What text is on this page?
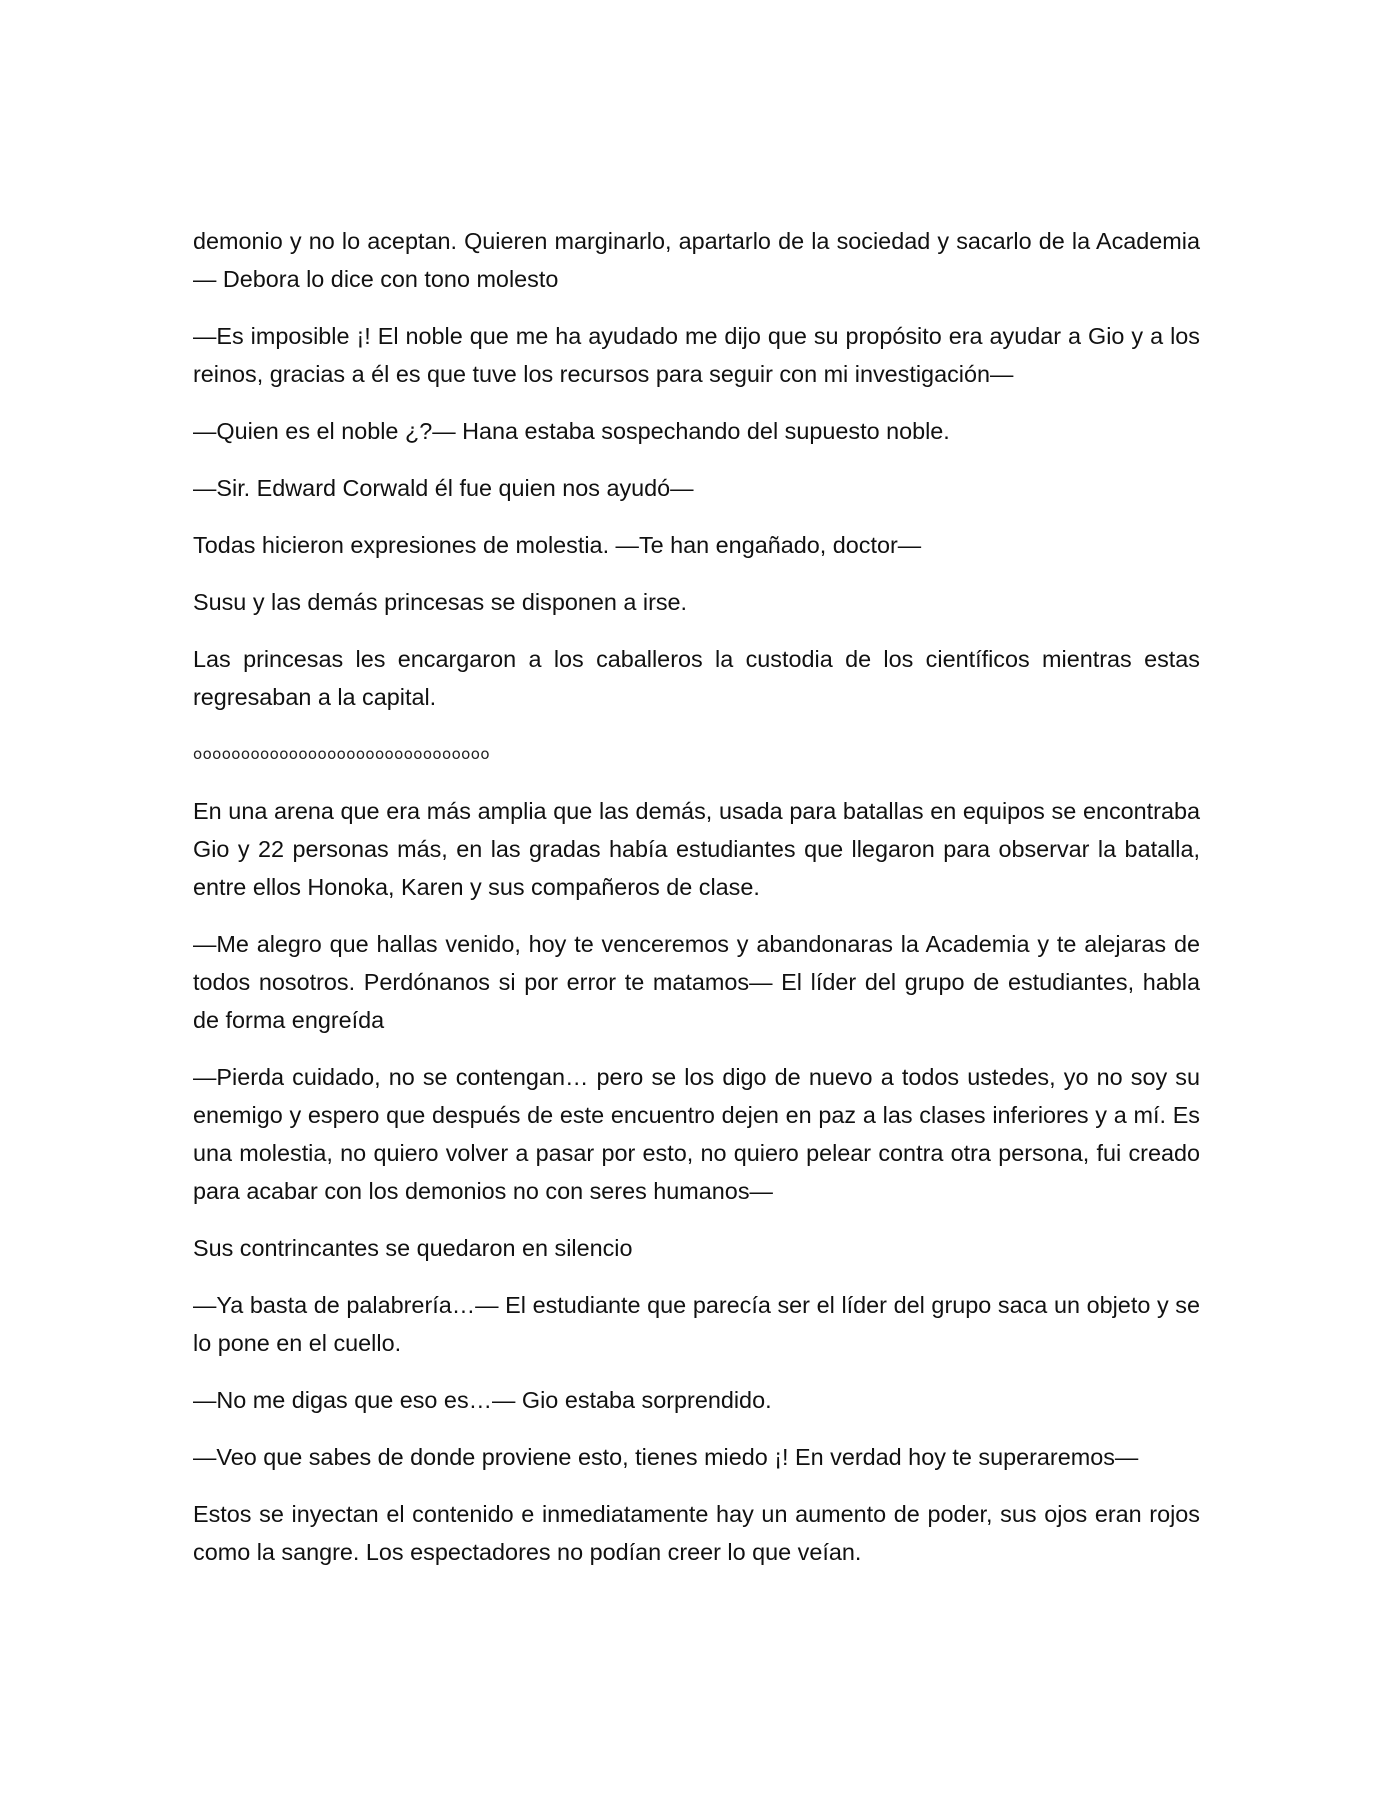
demonio y no lo aceptan. Quieren marginarlo, apartarlo de la sociedad y sacarlo de la Academia— Debora lo dice con tono molesto

—Es imposible ¡! El noble que me ha ayudado me dijo que su propósito era ayudar a Gio y a los reinos, gracias a él es que tuve los recursos para seguir con mi investigación—

—Quien es el noble ¿?— Hana estaba sospechando del supuesto noble.

—Sir. Edward Corwald él fue quien nos ayudó—

Todas hicieron expresiones de molestia. —Te han engañado, doctor—

Susu y las demás princesas se disponen a irse.

Las princesas les encargaron a los caballeros la custodia de los científicos mientras estas regresaban a la capital.

ooooooooooooooooooooooooooooooo

En una arena que era más amplia que las demás, usada para batallas en equipos se encontraba Gio y 22 personas más, en las gradas había estudiantes que llegaron para observar la batalla, entre ellos Honoka, Karen y sus compañeros de clase.

—Me alegro que hallas venido, hoy te venceremos y abandonaras la Academia y te alejaras de todos nosotros. Perdónanos si por error te matamos— El líder del grupo de estudiantes, habla de forma engreída

—Pierda cuidado, no se contengan… pero se los digo de nuevo a todos ustedes, yo no soy su enemigo y espero que después de este encuentro dejen en paz a las clases inferiores y a mí. Es una molestia, no quiero volver a pasar por esto, no quiero pelear contra otra persona, fui creado para acabar con los demonios no con seres humanos—

Sus contrincantes se quedaron en silencio

—Ya basta de palabrería…— El estudiante que parecía ser el líder del grupo saca un objeto y se lo pone en el cuello.

—No me digas que eso es…— Gio estaba sorprendido.

—Veo que sabes de donde proviene esto, tienes miedo ¡! En verdad hoy te superaremos—

Estos se inyectan el contenido e inmediatamente hay un aumento de poder, sus ojos eran rojos como la sangre. Los espectadores no podían creer lo que veían.
